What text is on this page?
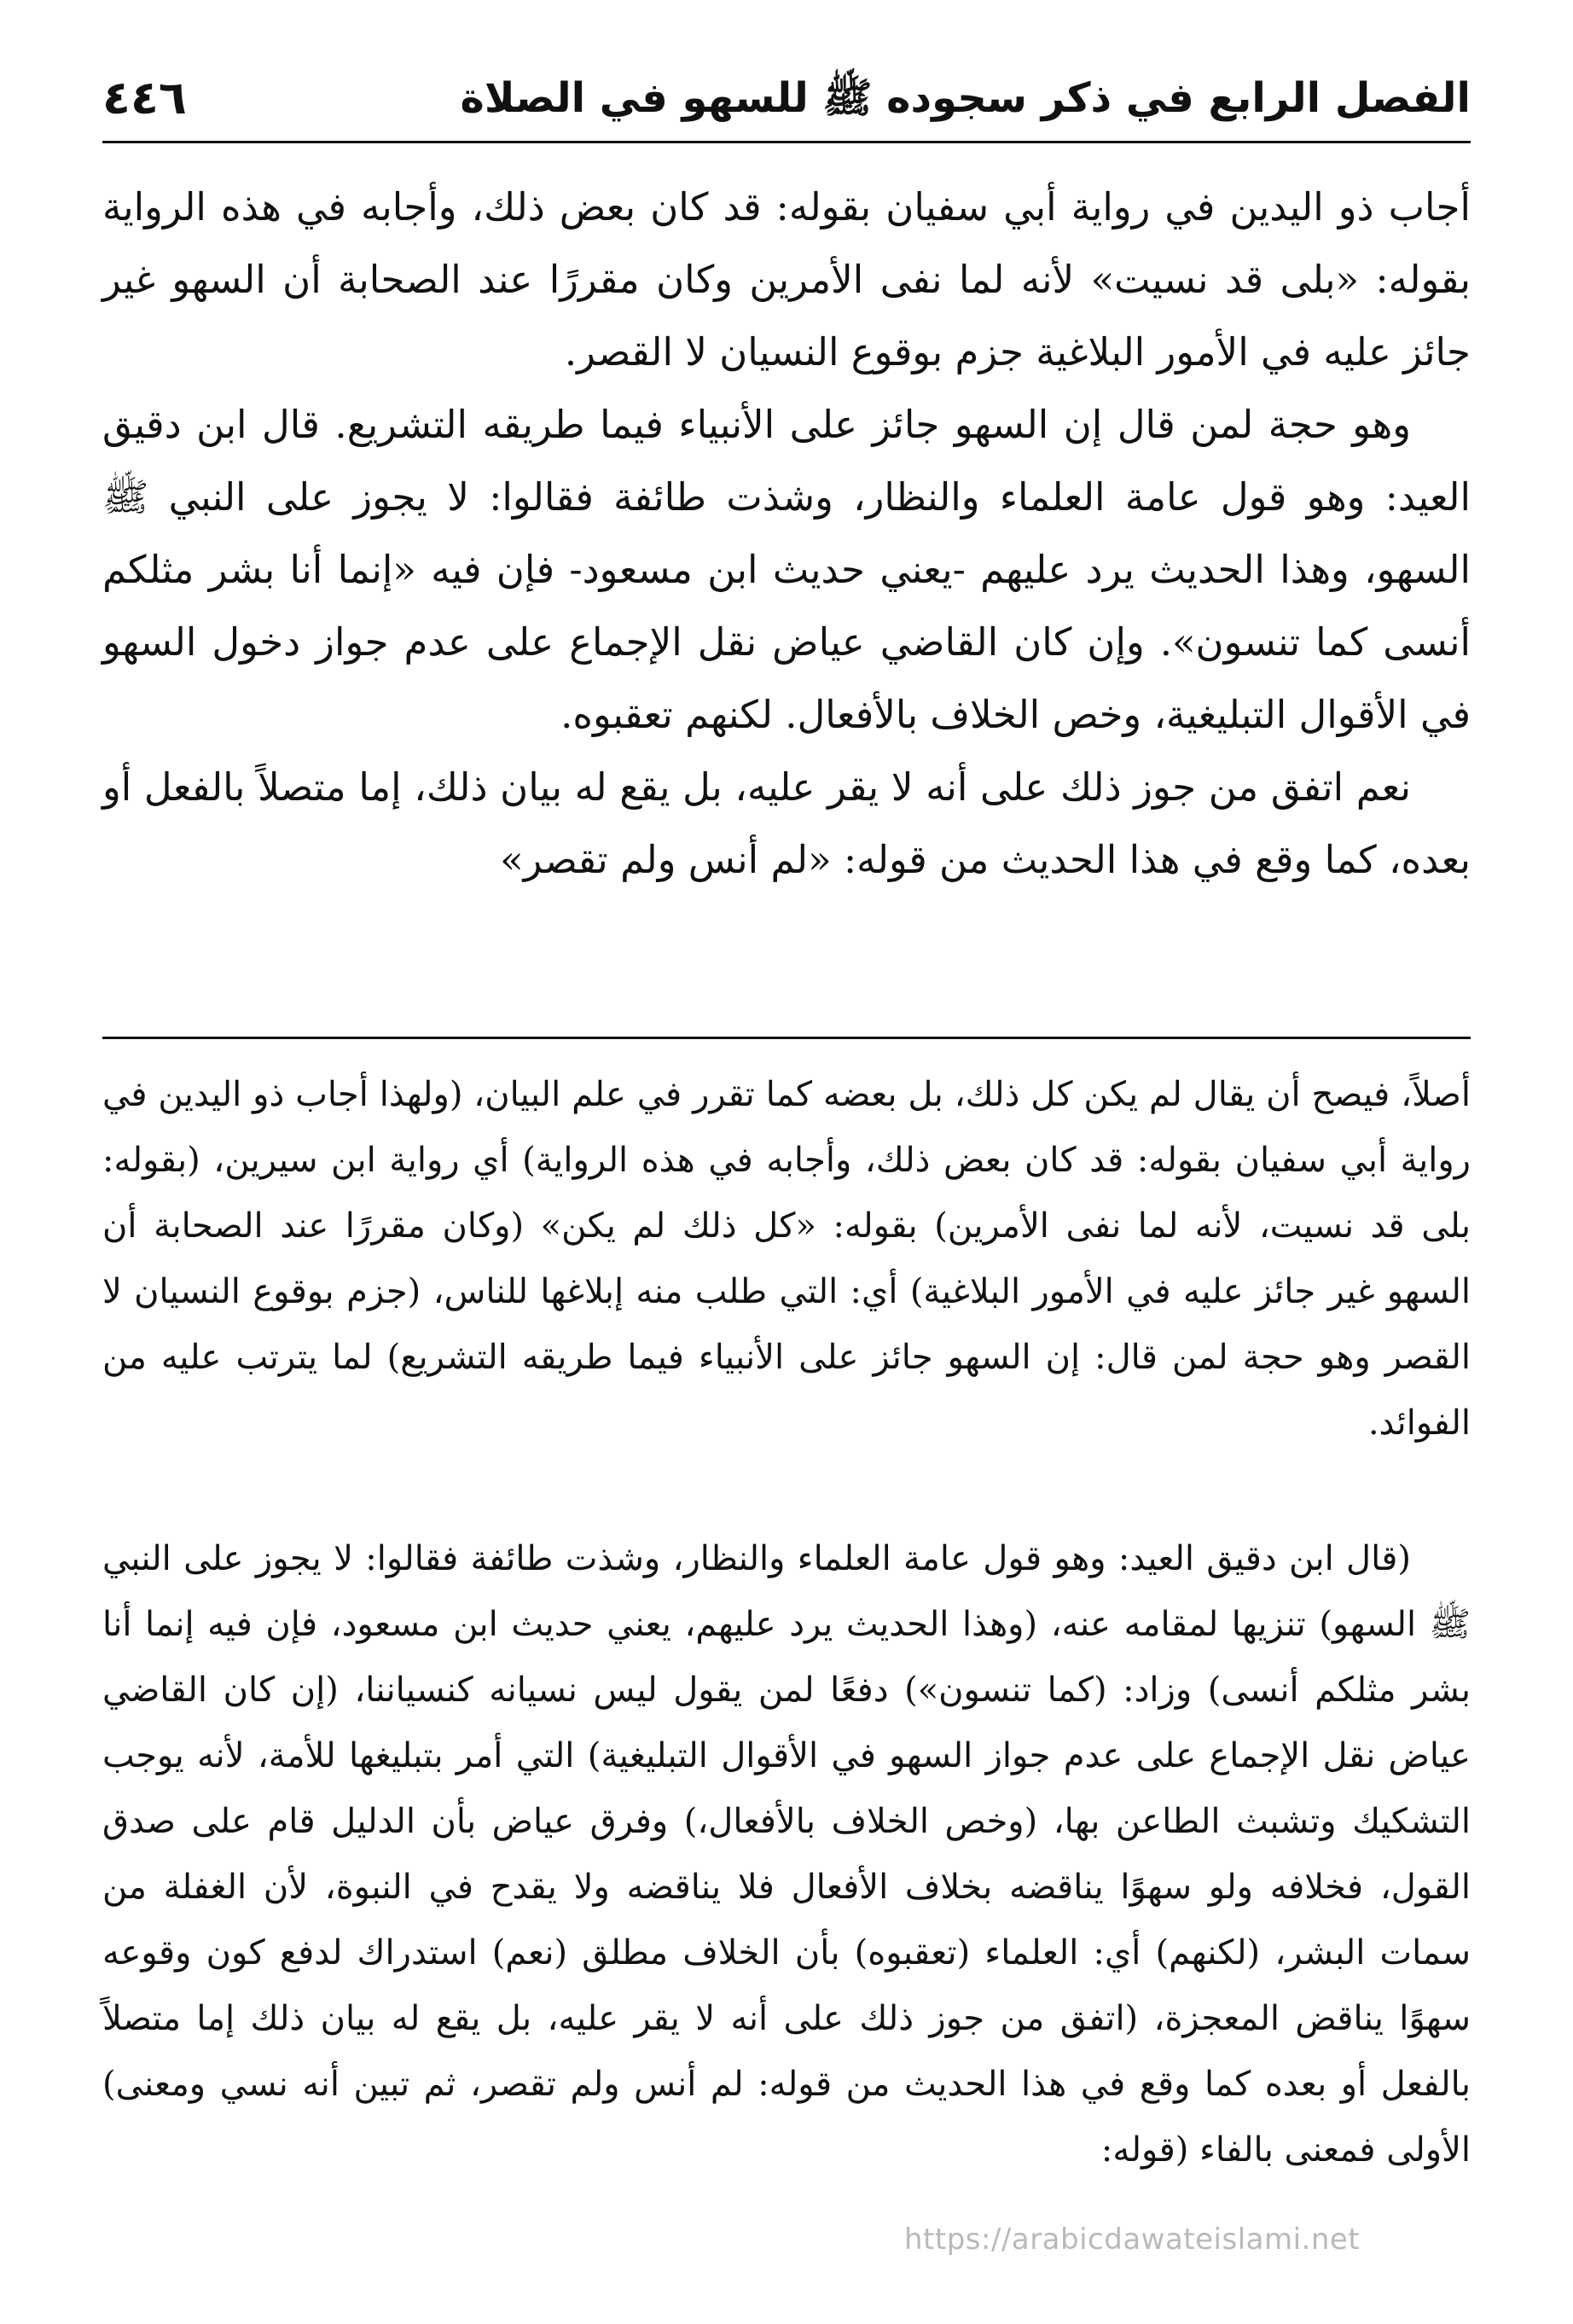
الفصل الرابع في ذكر سجوده ﷺ للسهو في الصلاة
٤٤٦

أجاب ذو اليدين في رواية أبي سفيان بقوله: قد كان بعض ذلك، وأجابه في هذه الرواية بقوله: «بلى قد نسيت» لأنه لما نفى الأمرين وكان مقررًا عند الصحابة أن السهو غير جائز عليه في الأمور البلاغية جزم بوقوع النسيان لا القصر.

وهو حجة لمن قال إن السهو جائز على الأنبياء فيما طريقه التشريع. قال ابن دقيق العيد: وهو قول عامة العلماء والنظار، وشذت طائفة فقالوا: لا يجوز على النبي ﷺ السهو، وهذا الحديث يرد عليهم -يعني حديث ابن مسعود- فإن فيه «إنما أنا بشر مثلكم أنسى كما تنسون». وإن كان القاضي عياض نقل الإجماع على عدم جواز دخول السهو في الأقوال التبليغية، وخص الخلاف بالأفعال. لكنهم تعقبوه.

نعم اتفق من جوز ذلك على أنه لا يقر عليه، بل يقع له بيان ذلك، إما متصلاً بالفعل أو بعده، كما وقع في هذا الحديث من قوله: «لم أنس ولم تقصر»

أصلاً، فيصح أن يقال لم يكن كل ذلك، بل بعضه كما تقرر في علم البيان، (ولهذا أجاب ذو اليدين في رواية أبي سفيان بقوله: قد كان بعض ذلك، وأجابه في هذه الرواية) أي رواية ابن سيرين، (بقوله: بلى قد نسيت، لأنه لما نفى الأمرين) بقوله: «كل ذلك لم يكن» (وكان مقررًا عند الصحابة أن السهو غير جائز عليه في الأمور البلاغية) أي: التي طلب منه إبلاغها للناس، (جزم بوقوع النسيان لا القصر وهو حجة لمن قال: إن السهو جائز على الأنبياء فيما طريقه التشريع) لما يترتب عليه من الفوائد.

(قال ابن دقيق العيد: وهو قول عامة العلماء والنظار، وشذت طائفة فقالوا: لا يجوز على النبي ﷺ السهو) تنزيها لمقامه عنه، (وهذا الحديث يرد عليهم، يعني حديث ابن مسعود، فإن فيه إنما أنا بشر مثلكم أنسى) وزاد: (كما تنسون») دفعًا لمن يقول ليس نسيانه كنسياننا، (إن كان القاضي عياض نقل الإجماع على عدم جواز السهو في الأقوال التبليغية) التي أمر بتبليغها للأمة، لأنه يوجب التشكيك وتشبث الطاعن بها، (وخص الخلاف بالأفعال،) وفرق عياض بأن الدليل قام على صدق القول، فخلافه ولو سهوًا يناقضه بخلاف الأفعال فلا يناقضه ولا يقدح في النبوة، لأن الغفلة من سمات البشر، (لكنهم) أي: العلماء (تعقبوه) بأن الخلاف مطلق (نعم) استدراك لدفع كون وقوعه سهوًا يناقض المعجزة، (اتفق من جوز ذلك على أنه لا يقر عليه، بل يقع له بيان ذلك إما متصلاً بالفعل أو بعده كما وقع في هذا الحديث من قوله: لم أنس ولم تقصر، ثم تبين أنه نسي ومعنى) الأولى فمعنى بالفاء (قوله:

https://arabicdawateislami.net
